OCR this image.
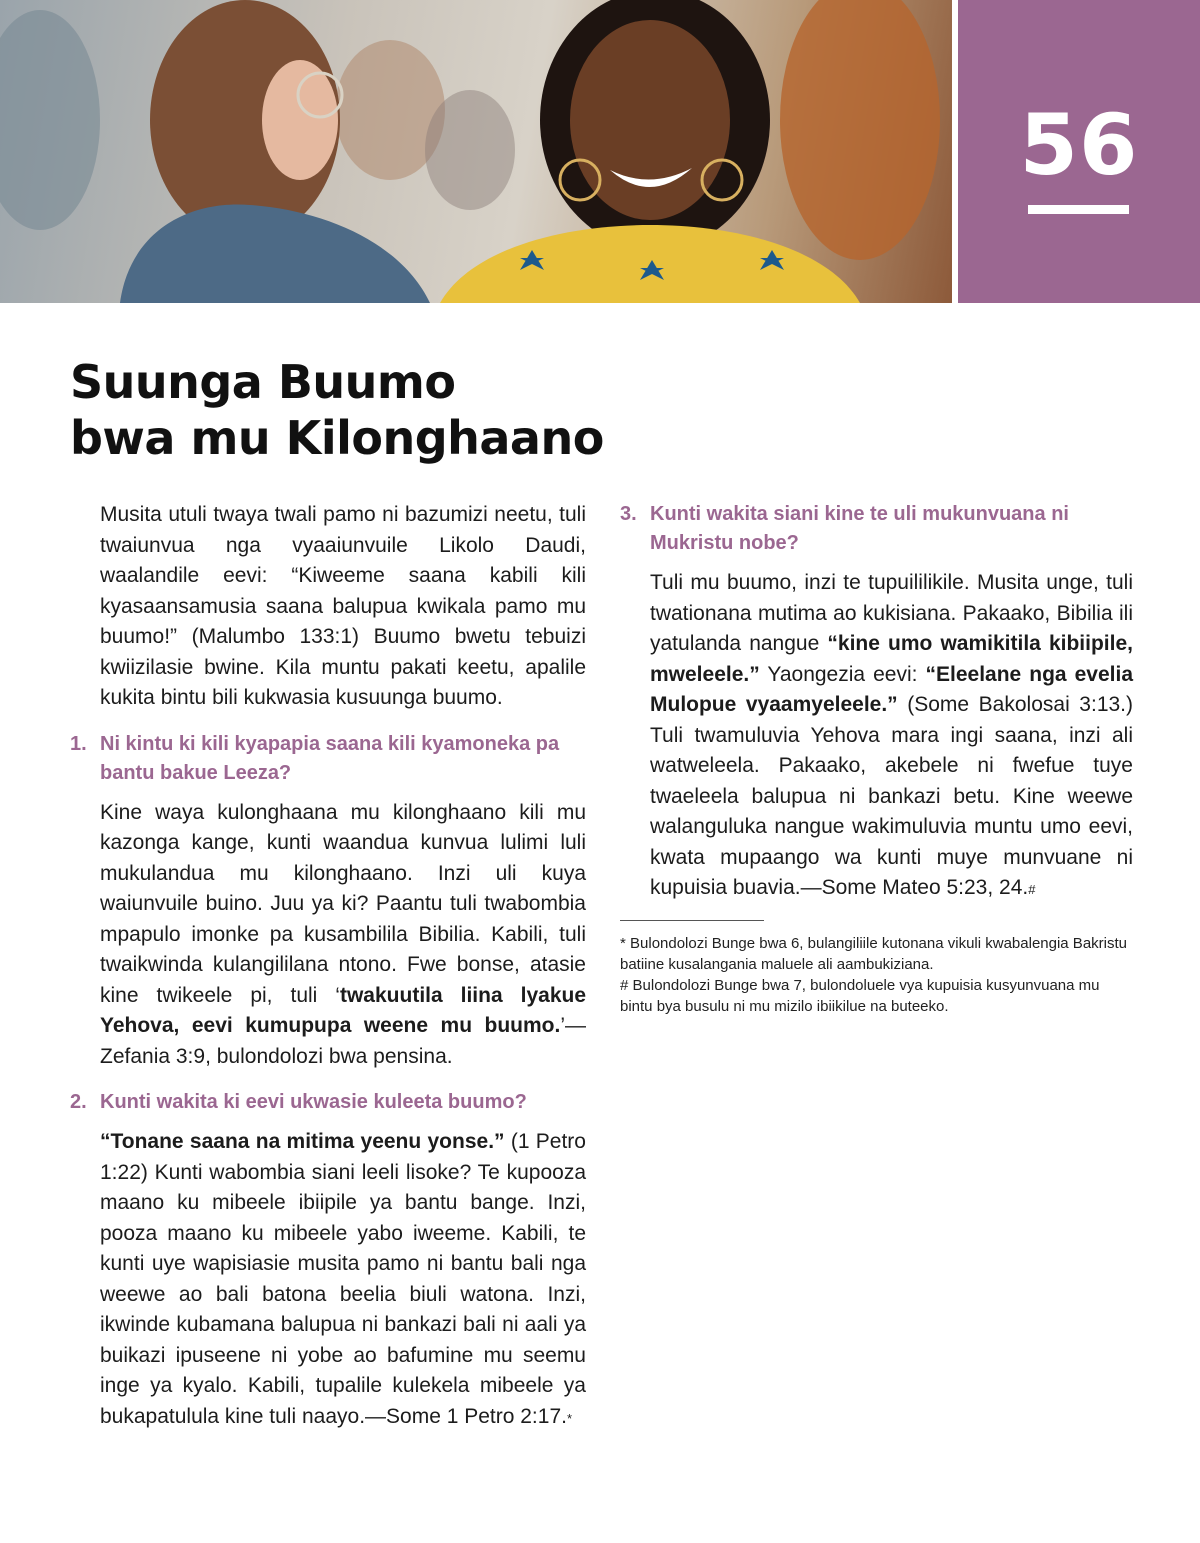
56
Suunga Buumo
bwa mu Kilonghaano

Musita utuli twaya twali pamo ni bazumizi neetu, tuli twaiunvua nga vyaaiunvuile Likolo Daudi, waalandile eevi: “Kiweeme saana kabili kili kyasaansamusia saana balupua kwikala pamo mu buumo!” (Malumbo 133:1) Buumo bwetu tebuizi kwiizilasie bwine. Kila muntu pakati keetu, apalile kukita bintu bili kukwasia kusuunga buumo.

1. Ni kintu ki kili kyapapia saana kili kyamoneka pa bantu bakue Leeza?

Kine waya kulonghaana mu kilonghaano kili mu kazonga kange, kunti waandua kunvua lulimi luli mukulandua mu kilonghaano. Inzi uli kuya waiunvuile buino. Juu ya ki? Paantu tuli twabombia mpapulo imonke pa kusambilila Bibilia. Kabili, tuli twaikwinda kulangililana ntono. Fwe bonse, atasie kine twikeele pi, tuli ‘twakuutila liina lyakue Yehova, eevi kumupupa weene mu buumo.’—Zefania 3:9, bulondolozi bwa pensina.

2. Kunti wakita ki eevi ukwasie kuleeta buumo?

“Tonane saana na mitima yeenu yonse.” (1 Petro 1:22) Kunti wabombia siani leeli lisoke? Te kupooza maano ku mibeele ibiipile ya bantu bange. Inzi, pooza maano ku mibeele yabo iweeme. Kabili, te kunti uye wapisiasie musita pamo ni bantu bali nga weewe ao bali batona beelia biuli watona. Inzi, ikwinde kubamana balupua ni bankazi bali ni aali ya buikazi ipuseene ni yobe ao bafumine mu seemu inge ya kyalo. Kabili, tupalile kulekela mibeele ya bukapatulula kine tuli naayo.—Some 1 Petro 2:17.*

3. Kunti wakita siani kine te uli mukunvuana ni Mukristu nobe?

Tuli mu buumo, inzi te tupuililikile. Musita unge, tuli twationana mutima ao kukisiana. Pakaako, Bibilia ili yatulanda nangue “kine umo wamikitila kibiipile, mweleele.” Yaongezia eevi: “Eleelane nga evelia Mulopue vyaamyeleele.” (Some Bakolosai 3:13.) Tuli twamuluvia Yehova mara ingi saana, inzi ali watweleela. Pakaako, akebele ni fwefue tuye twaeleela balupua ni bankazi betu. Kine weewe walanguluka nangue wakimuluvia muntu umo eevi, kwata mupaango wa kunti muye munvuane ni kupuisia buavia.—Some Mateo 5:23, 24.#

* Bulondolozi Bunge bwa 6, bulangiliile kutonana vikuli kwabalengia Bakristu batiine kusalangania maluele ali aambukiziana.

# Bulondolozi Bunge bwa 7, bulondoluele vya kupuisia kusyunvuana mu bintu bya busulu ni mu mizilo ibiikilue na buteeko.
